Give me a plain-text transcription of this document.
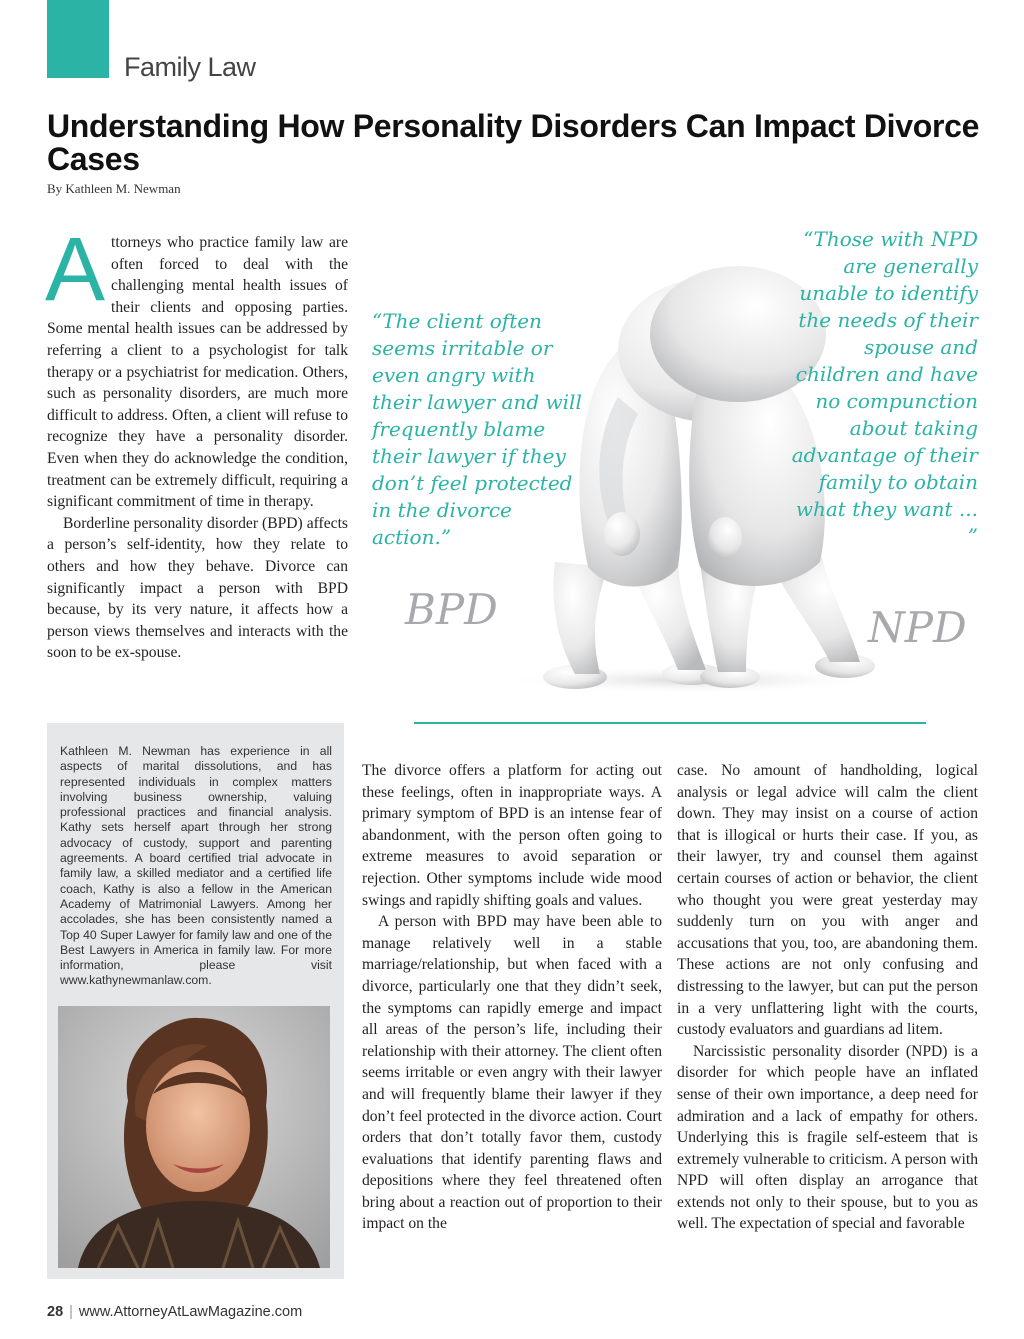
Family Law
Understanding How Personality Disorders Can Impact Divorce Cases
By Kathleen M. Newman

Attorneys who practice family law are often forced to deal with the challenging mental health issues of their clients and opposing parties. Some mental health issues can be addressed by referring a client to a psychologist for talk therapy or a psychiatrist for medication. Others, such as personality disorders, are much more difficult to address. Often, a client will refuse to recognize they have a personality disorder. Even when they do acknowledge the condition, treatment can be extremely difficult, requiring a significant commitment of time in therapy.

Borderline personality disorder (BPD) affects a person’s self-identity, how they relate to others and how they behave. Divorce can significantly impact a person with BPD because, by its very nature, it affects how a person views themselves and interacts with the soon to be ex-spouse.

“The client often seems irritable or even angry with their lawyer and will frequently blame their lawyer if they don’t feel protected in the divorce action.”
“Those with NPD are generally unable to identify the needs of their spouse and children and have no compunction about taking advantage of their family to obtain what they want ... ”
BPD	NPD
Kathleen M. Newman has experience in all aspects of marital dissolutions, and has represented individuals in complex matters involving business ownership, valuing professional practices and financial analysis. Kathy sets herself apart through her strong advocacy of custody, support and parenting agreements. A board certified trial advocate in family law, a skilled mediator and a certified life coach, Kathy is also a fellow in the American Academy of Matrimonial Lawyers. Among her accolades, she has been consistently named a Top 40 Super Lawyer for family law and one of the Best Lawyers in America in family law. For more information, please visit www.kathynewmanlaw.com.

The divorce offers a platform for acting out these feelings, often in inappropriate ways. A primary symptom of BPD is an intense fear of abandonment, with the person often going to extreme measures to avoid separation or rejection. Other symptoms include wide mood swings and rapidly shifting goals and values.

A person with BPD may have been able to manage relatively well in a stable marriage/relationship, but when faced with a divorce, particularly one that they didn’t seek, the symptoms can rapidly emerge and impact all areas of the person’s life, including their relationship with their attorney. The client often seems irritable or even angry with their lawyer and will frequently blame their lawyer if they don’t feel protected in the divorce action. Court orders that don’t totally favor them, custody evaluations that identify parenting flaws and depositions where they feel threatened often bring about a reaction out of proportion to their impact on the

case. No amount of handholding, logical analysis or legal advice will calm the client down. They may insist on a course of action that is illogical or hurts their case. If you, as their lawyer, try and counsel them against certain courses of action or behavior, the client who thought you were great yesterday may suddenly turn on you with anger and accusations that you, too, are abandoning them. These actions are not only confusing and distressing to the lawyer, but can put the person in a very unflattering light with the courts, custody evaluators and guardians ad litem.

Narcissistic personality disorder (NPD) is a disorder for which people have an inflated sense of their own importance, a deep need for admiration and a lack of empathy for others. Underlying this is fragile self-esteem that is extremely vulnerable to criticism. A person with NPD will often display an arrogance that extends not only to their spouse, but to you as well. The expectation of special and favorable

28 | www.AttorneyAtLawMagazine.com
